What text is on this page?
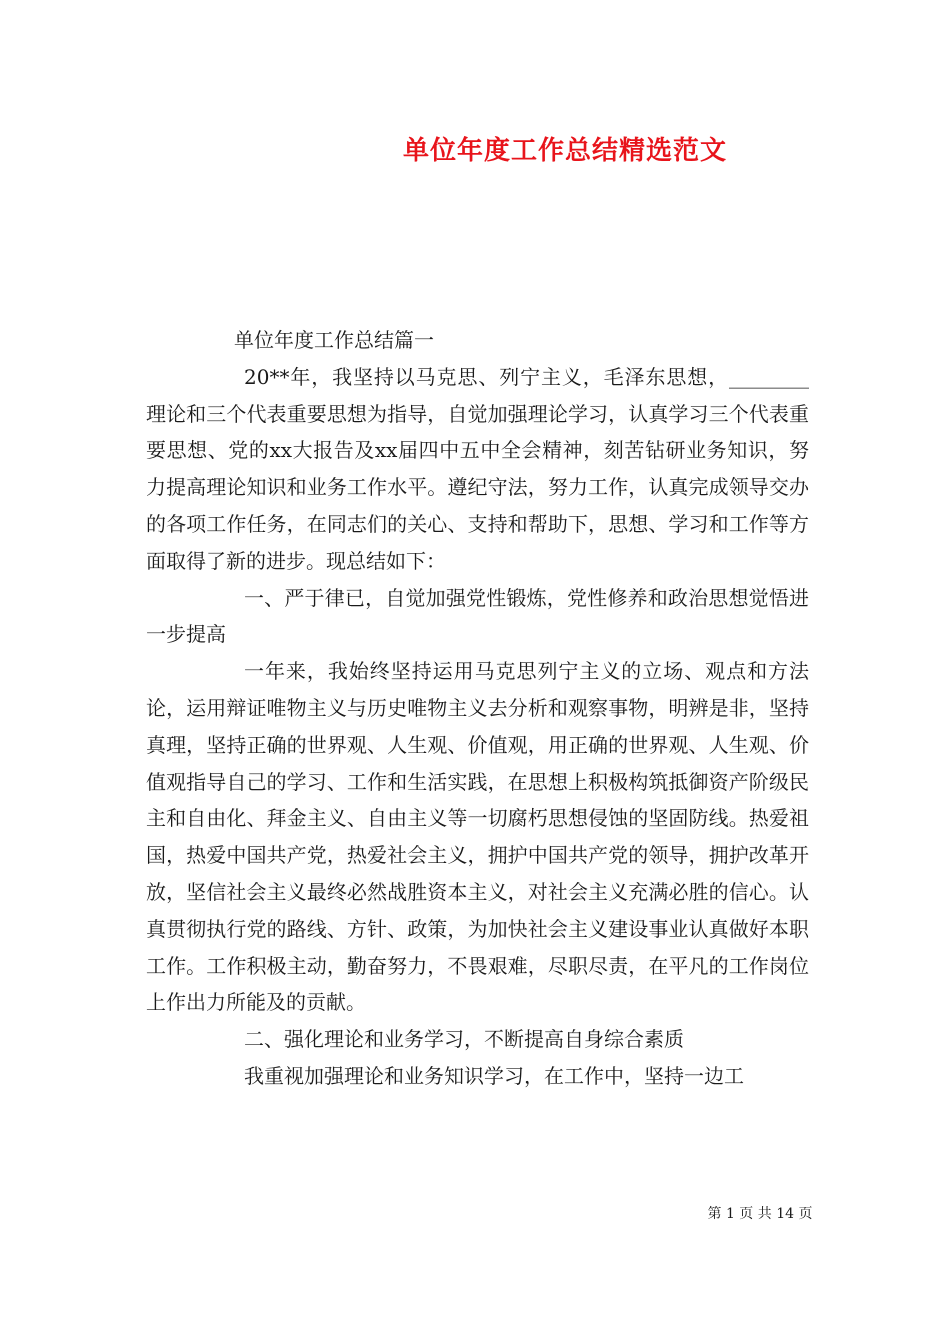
单位年度工作总结精选范文

单位年度工作总结篇一

20**年，我坚持以马克思、列宁主义，毛泽东思想，________理论和三个代表重要思想为指导，自觉加强理论学习，认真学习三个代表重要思想、党的xx大报告及xx届四中五中全会精神，刻苦钻研业务知识，努力提高理论知识和业务工作水平。遵纪守法，努力工作，认真完成领导交办的各项工作任务，在同志们的关心、支持和帮助下，思想、学习和工作等方面取得了新的进步。现总结如下：

一、严于律已，自觉加强党性锻炼，党性修养和政治思想觉悟进一步提高

一年来，我始终坚持运用马克思列宁主义的立场、观点和方法论，运用辩证唯物主义与历史唯物主义去分析和观察事物，明辨是非，坚持真理，坚持正确的世界观、人生观、价值观，用正确的世界观、人生观、价值观指导自己的学习、工作和生活实践，在思想上积极构筑抵御资产阶级民主和自由化、拜金主义、自由主义等一切腐朽思想侵蚀的坚固防线。热爱祖国，热爱中国共产党，热爱社会主义，拥护中国共产党的领导，拥护改革开放，坚信社会主义最终必然战胜资本主义，对社会主义充满必胜的信心。认真贯彻执行党的路线、方针、政策，为加快社会主义建设事业认真做好本职工作。工作积极主动，勤奋努力，不畏艰难，尽职尽责，在平凡的工作岗位上作出力所能及的贡献。

二、强化理论和业务学习，不断提高自身综合素质

我重视加强理论和业务知识学习，在工作中，坚持一边工

第 1 页 共 14 页
